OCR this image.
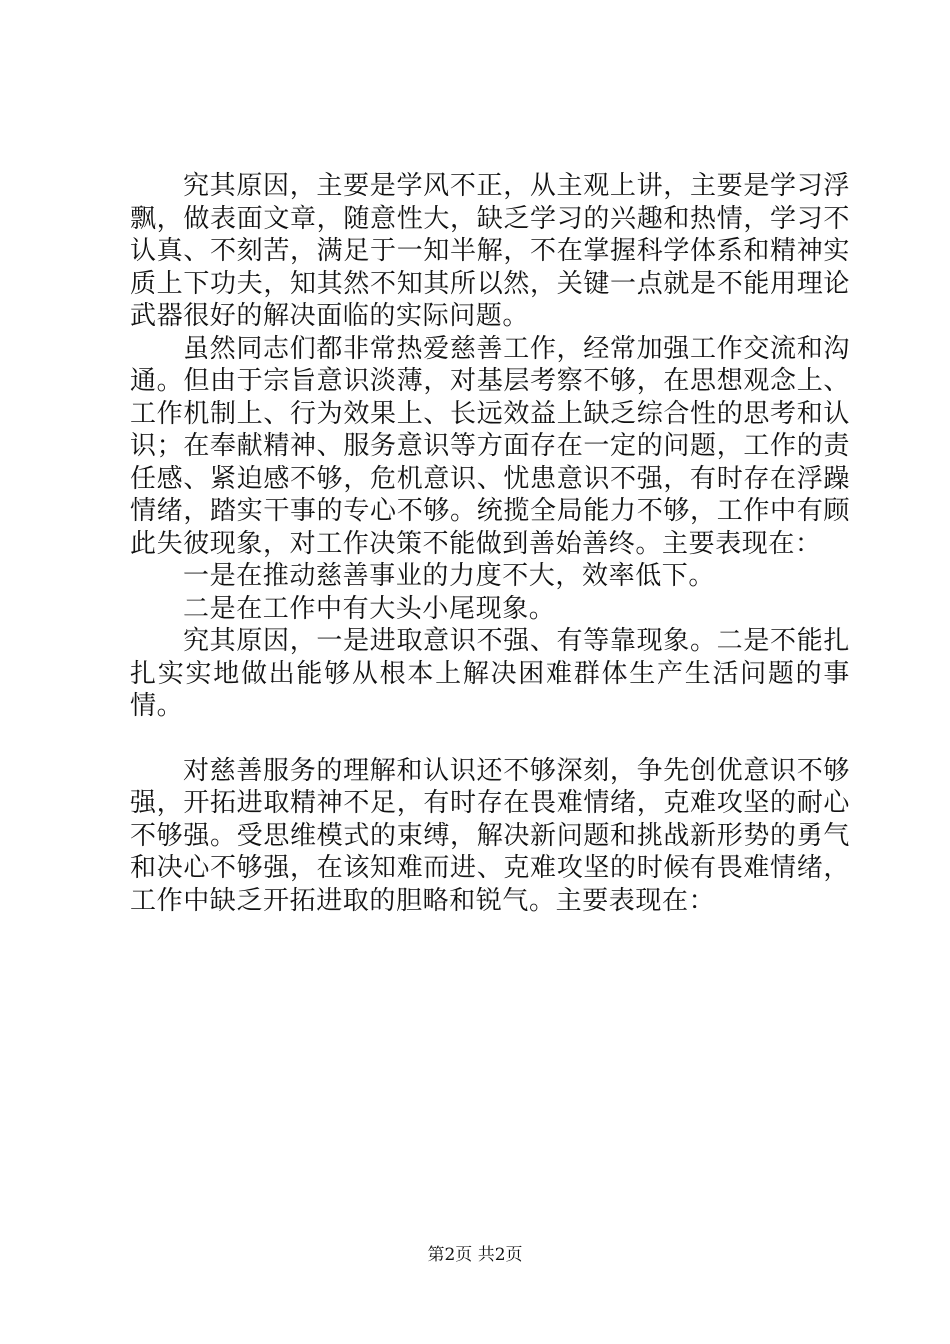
究其原因，主要是学风不正，从主观上讲，主要是学习浮飘，做表面文章，随意性大，缺乏学习的兴趣和热情，学习不认真、不刻苦，满足于一知半解，不在掌握科学体系和精神实质上下功夫，知其然不知其所以然，关键一点就是不能用理论武器很好的解决面临的实际问题。

虽然同志们都非常热爱慈善工作，经常加强工作交流和沟通。但由于宗旨意识淡薄，对基层考察不够，在思想观念上、工作机制上、行为效果上、长远效益上缺乏综合性的思考和认识；在奉献精神、服务意识等方面存在一定的问题，工作的责任感、紧迫感不够，危机意识、忧患意识不强，有时存在浮躁情绪，踏实干事的专心不够。统揽全局能力不够，工作中有顾此失彼现象，对工作决策不能做到善始善终。主要表现在：

一是在推动慈善事业的力度不大，效率低下。

二是在工作中有大头小尾现象。

究其原因，一是进取意识不强、有等靠现象。二是不能扎扎实实地做出能够从根本上解决困难群体生产生活问题的事情。

对慈善服务的理解和认识还不够深刻，争先创优意识不够强，开拓进取精神不足，有时存在畏难情绪，克难攻坚的耐心不够强。受思维模式的束缚，解决新问题和挑战新形势的勇气和决心不够强，在该知难而进、克难攻坚的时候有畏难情绪，工作中缺乏开拓进取的胆略和锐气。主要表现在：

第2页 共2页
